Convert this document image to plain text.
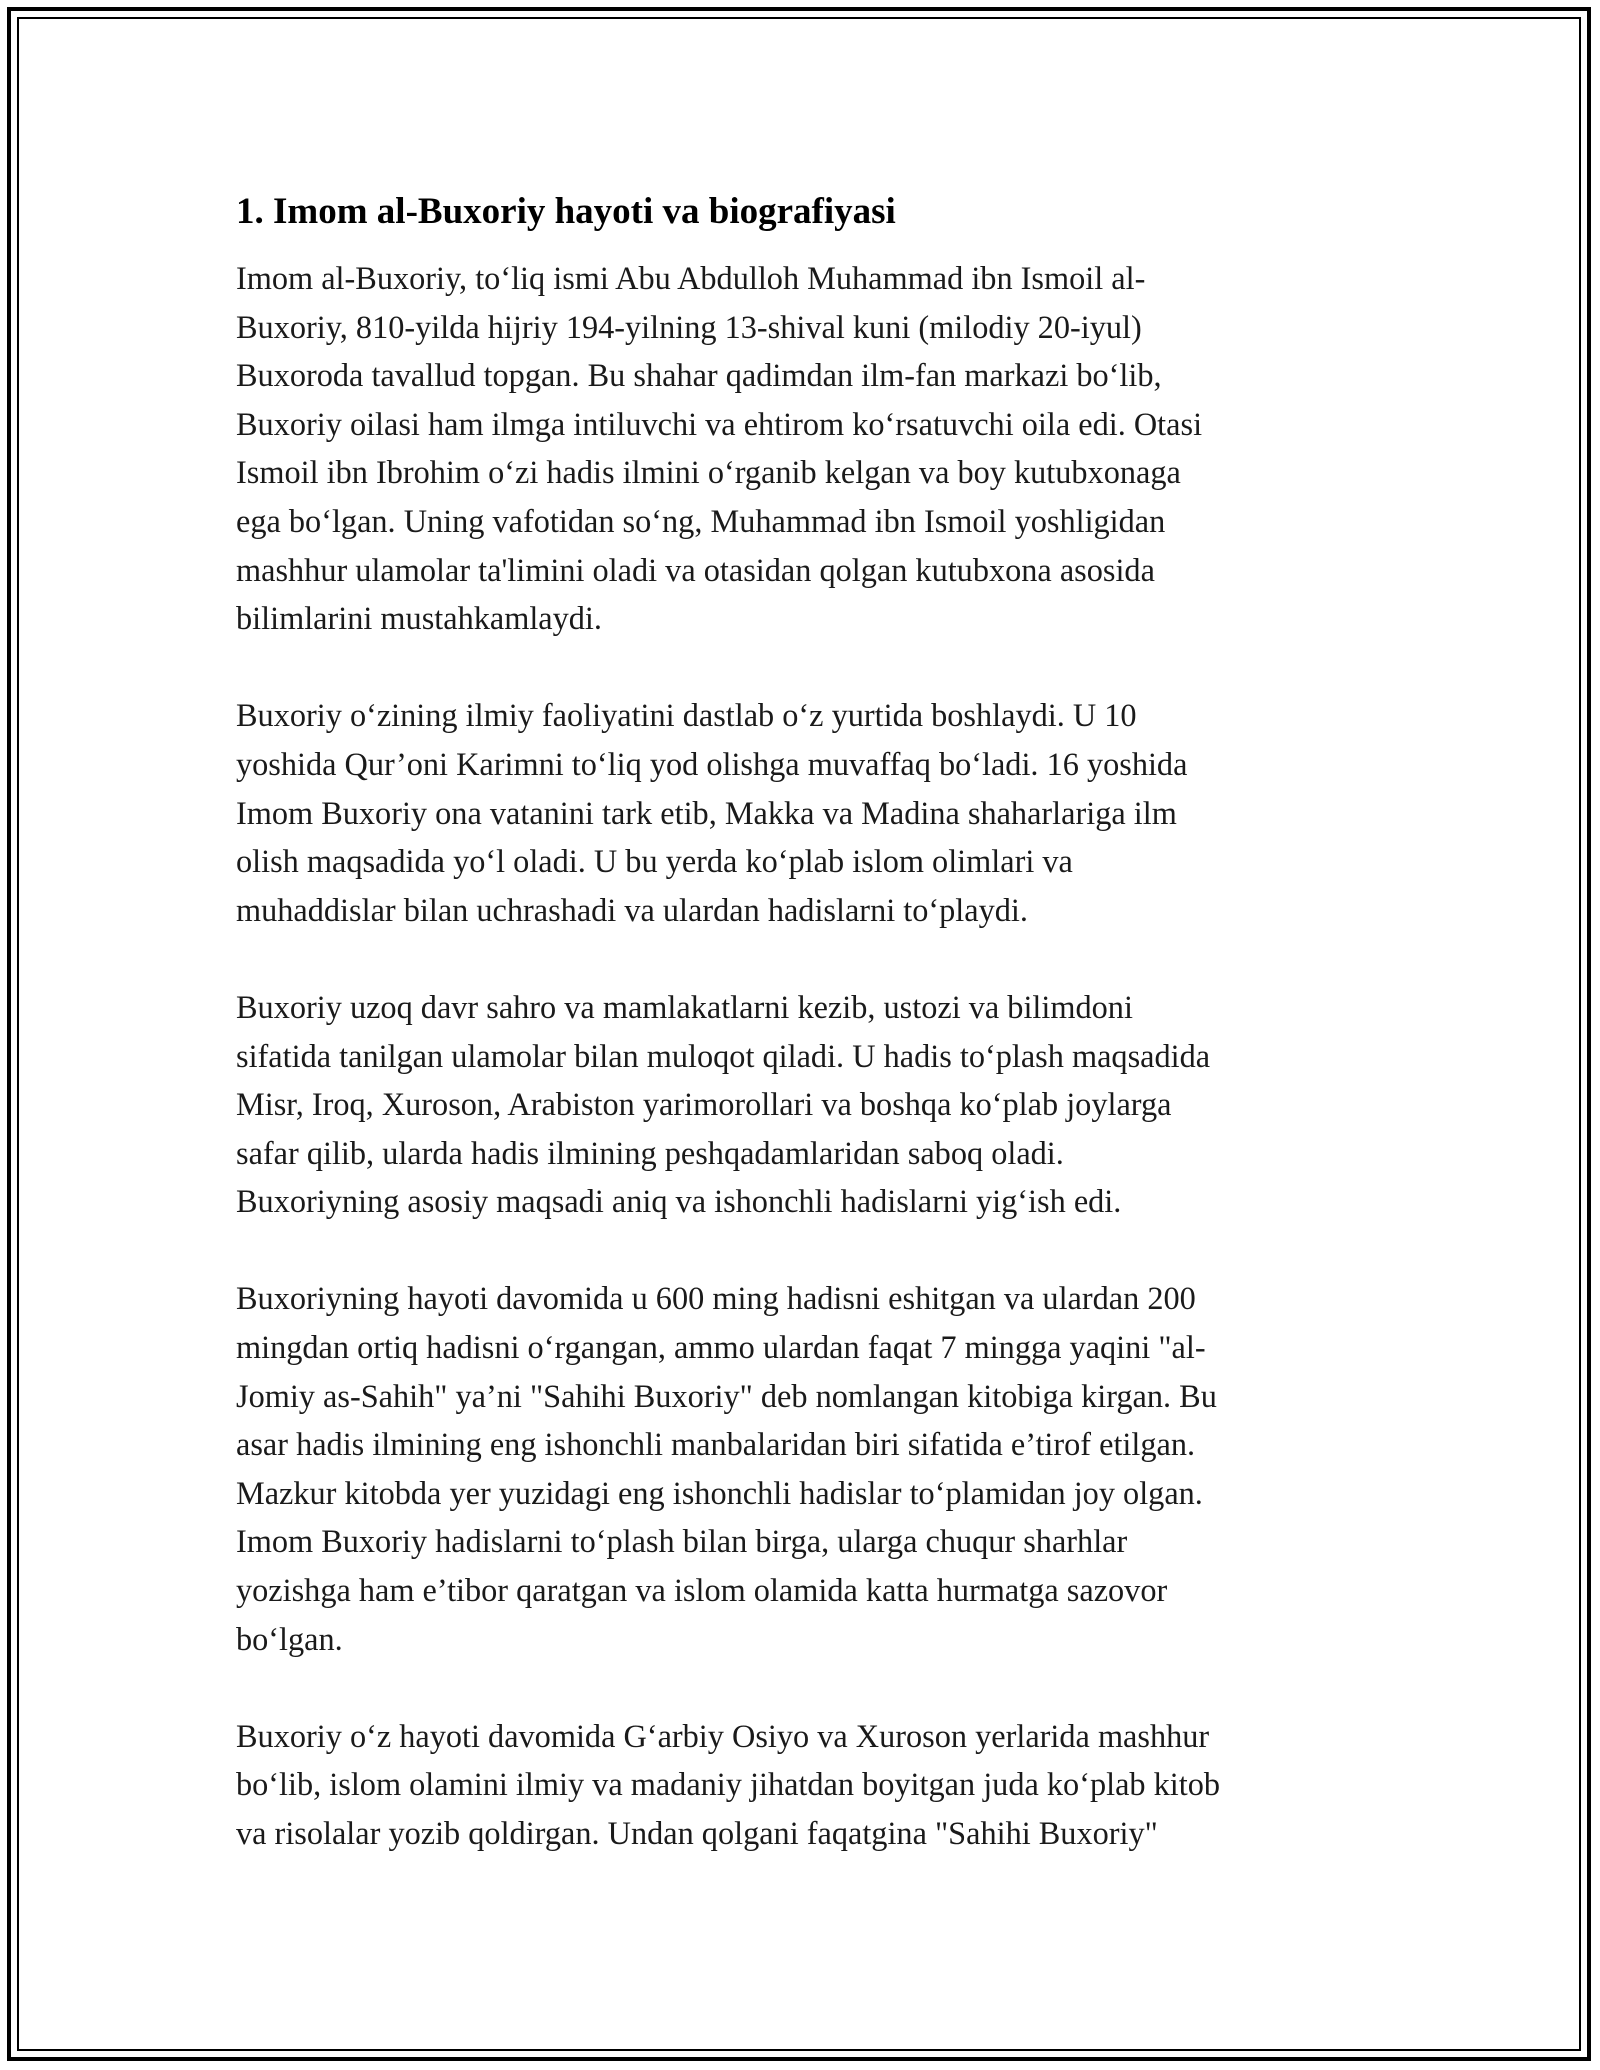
1. Imom al-Buxoriy hayoti va biografiyasi

Imom al-Buxoriy, to‘liq ismi Abu Abdulloh Muhammad ibn Ismoil al-
Buxoriy, 810-yilda hijriy 194-yilning 13-shival kuni (milodiy 20-iyul)
Buxoroda tavallud topgan. Bu shahar qadimdan ilm-fan markazi bo‘lib,
Buxoriy oilasi ham ilmga intiluvchi va ehtirom ko‘rsatuvchi oila edi. Otasi
Ismoil ibn Ibrohim o‘zi hadis ilmini o‘rganib kelgan va boy kutubxonaga
ega bo‘lgan. Uning vafotidan so‘ng, Muhammad ibn Ismoil yoshligidan
mashhur ulamolar ta'limini oladi va otasidan qolgan kutubxona asosida
bilimlarini mustahkamlaydi.

Buxoriy o‘zining ilmiy faoliyatini dastlab o‘z yurtida boshlaydi. U 10
yoshida Qur’oni Karimni to‘liq yod olishga muvaffaq bo‘ladi. 16 yoshida
Imom Buxoriy ona vatanini tark etib, Makka va Madina shaharlariga ilm
olish maqsadida yo‘l oladi. U bu yerda ko‘plab islom olimlari va
muhaddislar bilan uchrashadi va ulardan hadislarni to‘playdi.

Buxoriy uzoq davr sahro va mamlakatlarni kezib, ustozi va bilimdoni
sifatida tanilgan ulamolar bilan muloqot qiladi. U hadis to‘plash maqsadida
Misr, Iroq, Xuroson, Arabiston yarimorollari va boshqa ko‘plab joylarga
safar qilib, ularda hadis ilmining peshqadamlaridan saboq oladi.
Buxoriyning asosiy maqsadi aniq va ishonchli hadislarni yig‘ish edi.

Buxoriyning hayoti davomida u 600 ming hadisni eshitgan va ulardan 200
mingdan ortiq hadisni o‘rgangan, ammo ulardan faqat 7 mingga yaqini "al-
Jomiy as-Sahih" ya’ni "Sahihi Buxoriy" deb nomlangan kitobiga kirgan. Bu
asar hadis ilmining eng ishonchli manbalaridan biri sifatida e’tirof etilgan.
Mazkur kitobda yer yuzidagi eng ishonchli hadislar to‘plamidan joy olgan.
Imom Buxoriy hadislarni to‘plash bilan birga, ularga chuqur sharhlar
yozishga ham e’tibor qaratgan va islom olamida katta hurmatga sazovor
bo‘lgan.

Buxoriy o‘z hayoti davomida G‘arbiy Osiyo va Xuroson yerlarida mashhur
bo‘lib, islom olamini ilmiy va madaniy jihatdan boyitgan juda ko‘plab kitob
va risolalar yozib qoldirgan. Undan qolgani faqatgina "Sahihi Buxoriy"
